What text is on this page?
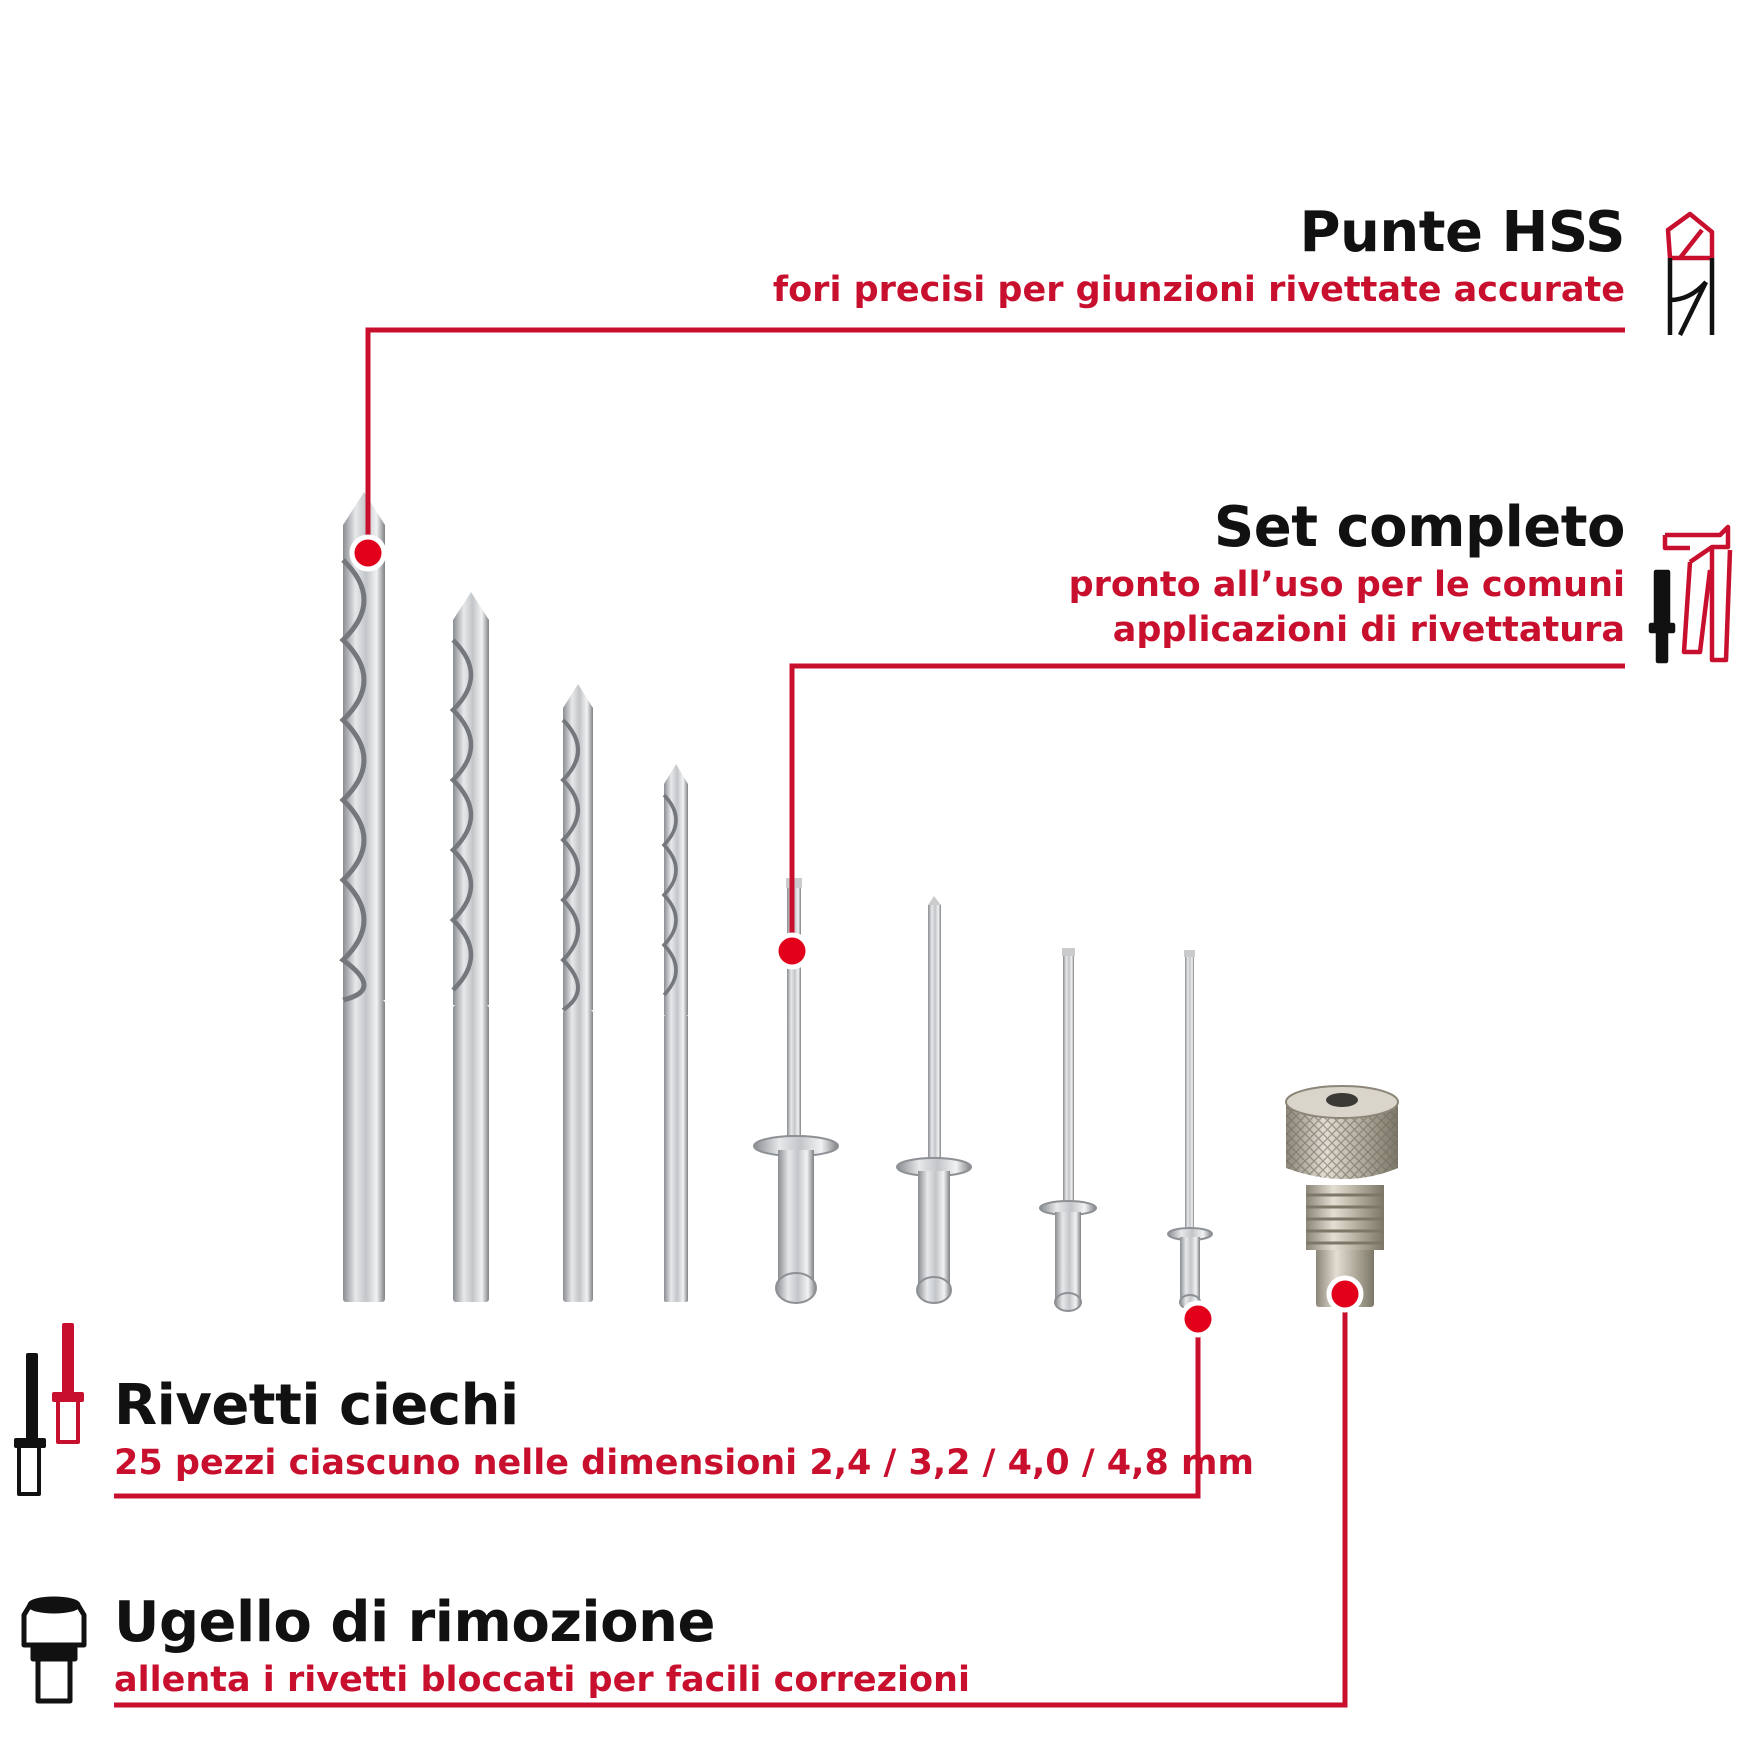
Punte HSS
fori precisi per giunzioni rivettate accurate
Set completo
pronto all’uso per le comuni
applicazioni di rivettatura
Rivetti ciechi
25 pezzi ciascuno nelle dimensioni 2,4 / 3,2 / 4,0 / 4,8 mm
Ugello di rimozione
allenta i rivetti bloccati per facili correzioni
